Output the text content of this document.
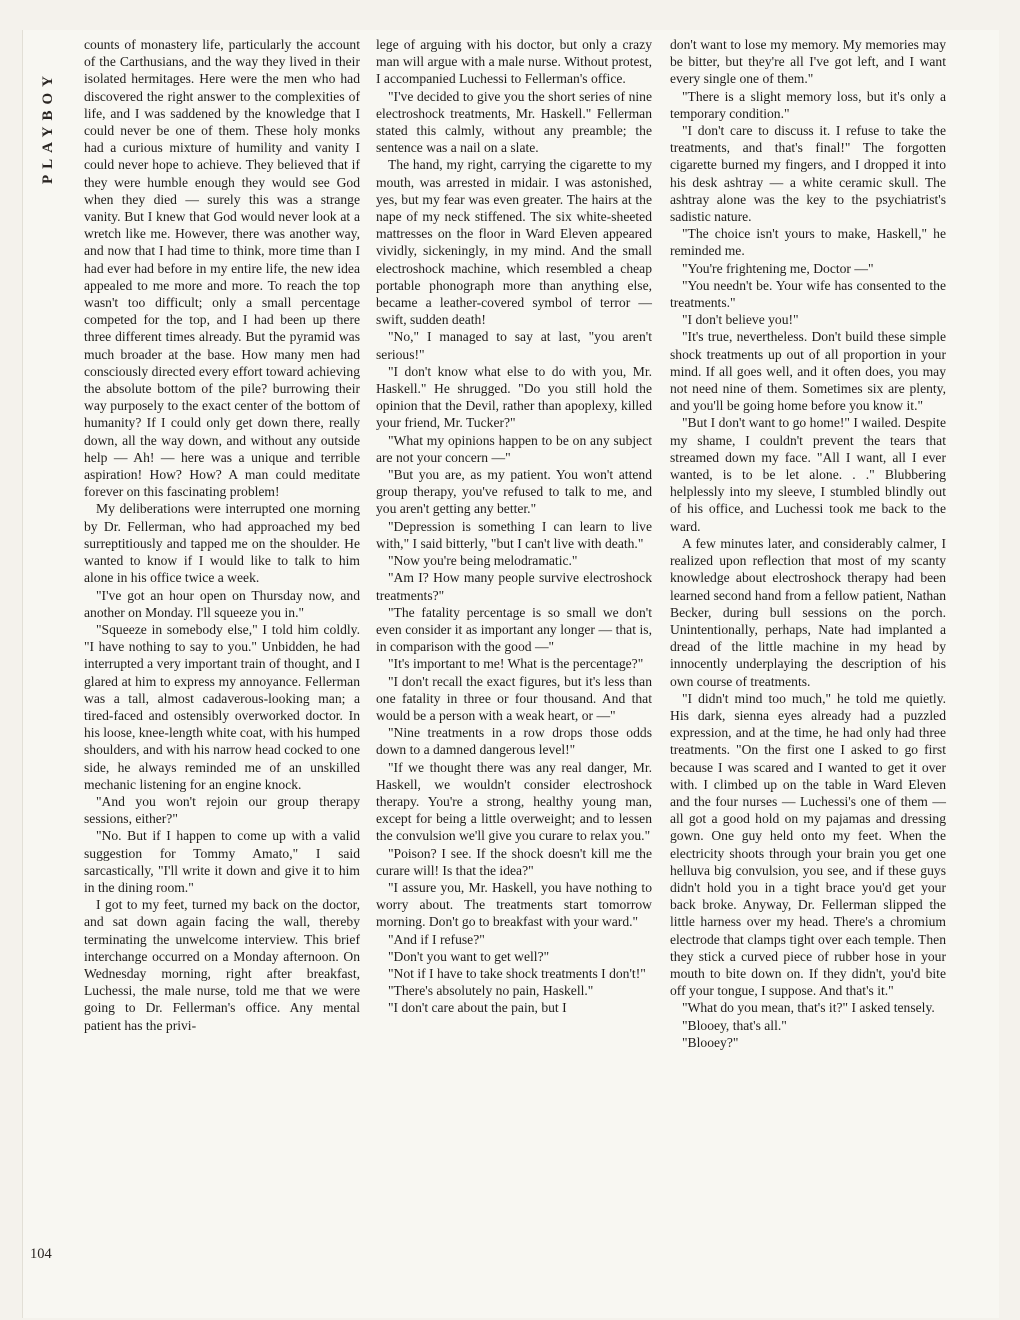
PLAYBOY

counts of monastery life, particularly the account of the Carthusians, and the way they lived in their isolated hermitages. Here were the men who had discovered the right answer to the complexities of life, and I was saddened by the knowledge that I could never be one of them. These holy monks had a curious mixture of humility and vanity I could never hope to achieve. They believed that if they were humble enough they would see God when they died — surely this was a strange vanity. But I knew that God would never look at a wretch like me. However, there was another way, and now that I had time to think, more time than I had ever had before in my entire life, the new idea appealed to me more and more. To reach the top wasn't too difficult; only a small percentage competed for the top, and I had been up there three different times already. But the pyramid was much broader at the base. How many men had consciously directed every effort toward achieving the absolute bottom of the pile? burrowing their way purposely to the exact center of the bottom of humanity? If I could only get down there, really down, all the way down, and without any outside help — Ah! — here was a unique and terrible aspiration! How? How? A man could meditate forever on this fascinating problem!

My deliberations were interrupted one morning by Dr. Fellerman, who had approached my bed surreptitiously and tapped me on the shoulder. He wanted to know if I would like to talk to him alone in his office twice a week.

"I've got an hour open on Thursday now, and another on Monday. I'll squeeze you in."

"Squeeze in somebody else," I told him coldly. "I have nothing to say to you." Unbidden, he had interrupted a very important train of thought, and I glared at him to express my annoyance. Fellerman was a tall, almost cadaverous-looking man; a tired-faced and ostensibly overworked doctor. In his loose, knee-length white coat, with his humped shoulders, and with his narrow head cocked to one side, he always reminded me of an unskilled mechanic listening for an engine knock.

"And you won't rejoin our group therapy sessions, either?"

"No. But if I happen to come up with a valid suggestion for Tommy Amato," I said sarcastically, "I'll write it down and give it to him in the dining room."

I got to my feet, turned my back on the doctor, and sat down again facing the wall, thereby terminating the unwelcome interview. This brief interchange occurred on a Monday afternoon. On Wednesday morning, right after breakfast, Luchessi, the male nurse, told me that we were going to Dr. Fellerman's office. Any mental patient has the privi-

lege of arguing with his doctor, but only a crazy man will argue with a male nurse. Without protest, I accompanied Luchessi to Fellerman's office.

"I've decided to give you the short series of nine electroshock treatments, Mr. Haskell." Fellerman stated this calmly, without any preamble; the sentence was a nail on a slate.

The hand, my right, carrying the cigarette to my mouth, was arrested in midair. I was astonished, yes, but my fear was even greater. The hairs at the nape of my neck stiffened. The six white-sheeted mattresses on the floor in Ward Eleven appeared vividly, sickeningly, in my mind. And the small electroshock machine, which resembled a cheap portable phonograph more than anything else, became a leather-covered symbol of terror — swift, sudden death!

"No," I managed to say at last, "you aren't serious!"

"I don't know what else to do with you, Mr. Haskell." He shrugged. "Do you still hold the opinion that the Devil, rather than apoplexy, killed your friend, Mr. Tucker?"

"What my opinions happen to be on any subject are not your concern —"

"But you are, as my patient. You won't attend group therapy, you've refused to talk to me, and you aren't getting any better."

"Depression is something I can learn to live with," I said bitterly, "but I can't live with death."

"Now you're being melodramatic."

"Am I? How many people survive electroshock treatments?"

"The fatality percentage is so small we don't even consider it as important any longer — that is, in comparison with the good —"

"It's important to me! What is the percentage?"

"I don't recall the exact figures, but it's less than one fatality in three or four thousand. And that would be a person with a weak heart, or —"

"Nine treatments in a row drops those odds down to a damned dangerous level!"

"If we thought there was any real danger, Mr. Haskell, we wouldn't consider electroshock therapy. You're a strong, healthy young man, except for being a little overweight; and to lessen the convulsion we'll give you curare to relax you."

"Poison? I see. If the shock doesn't kill me the curare will! Is that the idea?"

"I assure you, Mr. Haskell, you have nothing to worry about. The treatments start tomorrow morning. Don't go to breakfast with your ward."

"And if I refuse?"

"Don't you want to get well?"

"Not if I have to take shock treatments I don't!"

"There's absolutely no pain, Haskell."

"I don't care about the pain, but I

don't want to lose my memory. My memories may be bitter, but they're all I've got left, and I want every single one of them."

"There is a slight memory loss, but it's only a temporary condition."

"I don't care to discuss it. I refuse to take the treatments, and that's final!" The forgotten cigarette burned my fingers, and I dropped it into his desk ashtray — a white ceramic skull. The ashtray alone was the key to the psychiatrist's sadistic nature.

"The choice isn't yours to make, Haskell," he reminded me.

"You're frightening me, Doctor —"

"You needn't be. Your wife has consented to the treatments."

"I don't believe you!"

"It's true, nevertheless. Don't build these simple shock treatments up out of all proportion in your mind. If all goes well, and it often does, you may not need nine of them. Sometimes six are plenty, and you'll be going home before you know it."

"But I don't want to go home!" I wailed. Despite my shame, I couldn't prevent the tears that streamed down my face. "All I want, all I ever wanted, is to be let alone. . ." Blubbering helplessly into my sleeve, I stumbled blindly out of his office, and Luchessi took me back to the ward.

A few minutes later, and considerably calmer, I realized upon reflection that most of my scanty knowledge about electroshock therapy had been learned second hand from a fellow patient, Nathan Becker, during bull sessions on the porch. Unintentionally, perhaps, Nate had implanted a dread of the little machine in my head by innocently underplaying the description of his own course of treatments.

"I didn't mind too much," he told me quietly. His dark, sienna eyes already had a puzzled expression, and at the time, he had only had three treatments. "On the first one I asked to go first because I was scared and I wanted to get it over with. I climbed up on the table in Ward Eleven and the four nurses — Luchessi's one of them — all got a good hold on my pajamas and dressing gown. One guy held onto my feet. When the electricity shoots through your brain you get one helluva big convulsion, you see, and if these guys didn't hold you in a tight brace you'd get your back broke. Anyway, Dr. Fellerman slipped the little harness over my head. There's a chromium electrode that clamps tight over each temple. Then they stick a curved piece of rubber hose in your mouth to bite down on. If they didn't, you'd bite off your tongue, I suppose. And that's it."

"What do you mean, that's it?" I asked tensely.

"Blooey, that's all."

"Blooey?"

104
